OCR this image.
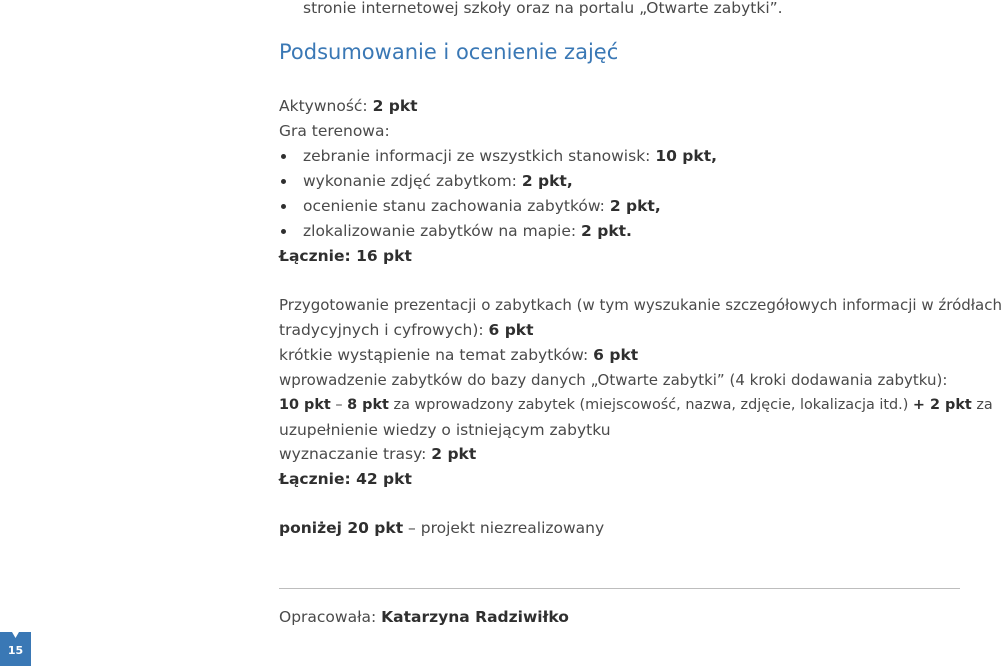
stronie internetowej szkoły oraz na portalu „Otwarte zabytki”.
Podsumowanie i ocenienie zajęć
Aktywność: 2 pkt
Gra terenowa:
zebranie informacji ze wszystkich stanowisk: 10 pkt,
wykonanie zdjęć zabytkom: 2 pkt,
ocenienie stanu zachowania zabytków: 2 pkt,
zlokalizowanie zabytków na mapie: 2 pkt.
Łącznie: 16 pkt
Przygotowanie prezentacji o zabytkach (w tym wyszukanie szczegółowych informacji w źródłach
tradycyjnych i cyfrowych): 6 pkt
krótkie wystąpienie na temat zabytków: 6 pkt
wprowadzenie zabytków do bazy danych „Otwarte zabytki” (4 kroki dodawania zabytku):
10 pkt – 8 pkt za wprowadzony zabytek (miejscowość, nazwa, zdjęcie, lokalizacja itd.) + 2 pkt za
uzupełnienie wiedzy o istniejącym zabytku
wyznaczanie trasy: 2 pkt
Łącznie: 42 pkt
poniżej 20 pkt – projekt niezrealizowany
Opracowała: Katarzyna Radziwiłko
15
